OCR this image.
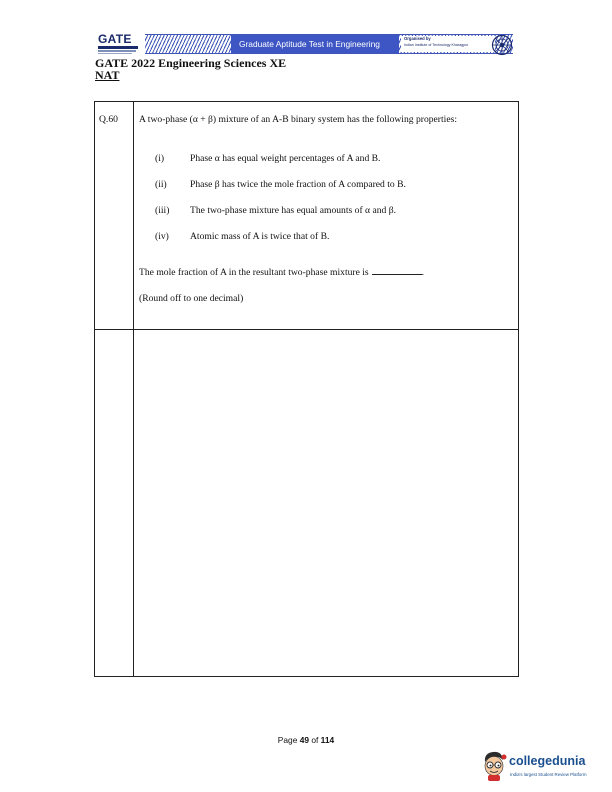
GATE	Graduate Aptitude Test in Engineering
Organised by
Indian Institute of Technology Kharagpur
GATE 2022 Engineering Sciences XE
NAT
Q.60 A two-phase (α + β) mixture of an A-B binary system has the following properties:
(i)	Phase α has equal weight percentages of A and B.
(ii) Phase β has twice the mole fraction of A compared to B.
(iii) The two-phase mixture has equal amounts of α and β.
(iv) Atomic mass of A is twice that of B.
The mole fraction of A in the resultant two-phase mixture is	.
(Round off to one decimal)
Page 49 of 114
collegedunia
India's largest Student Review Platform
